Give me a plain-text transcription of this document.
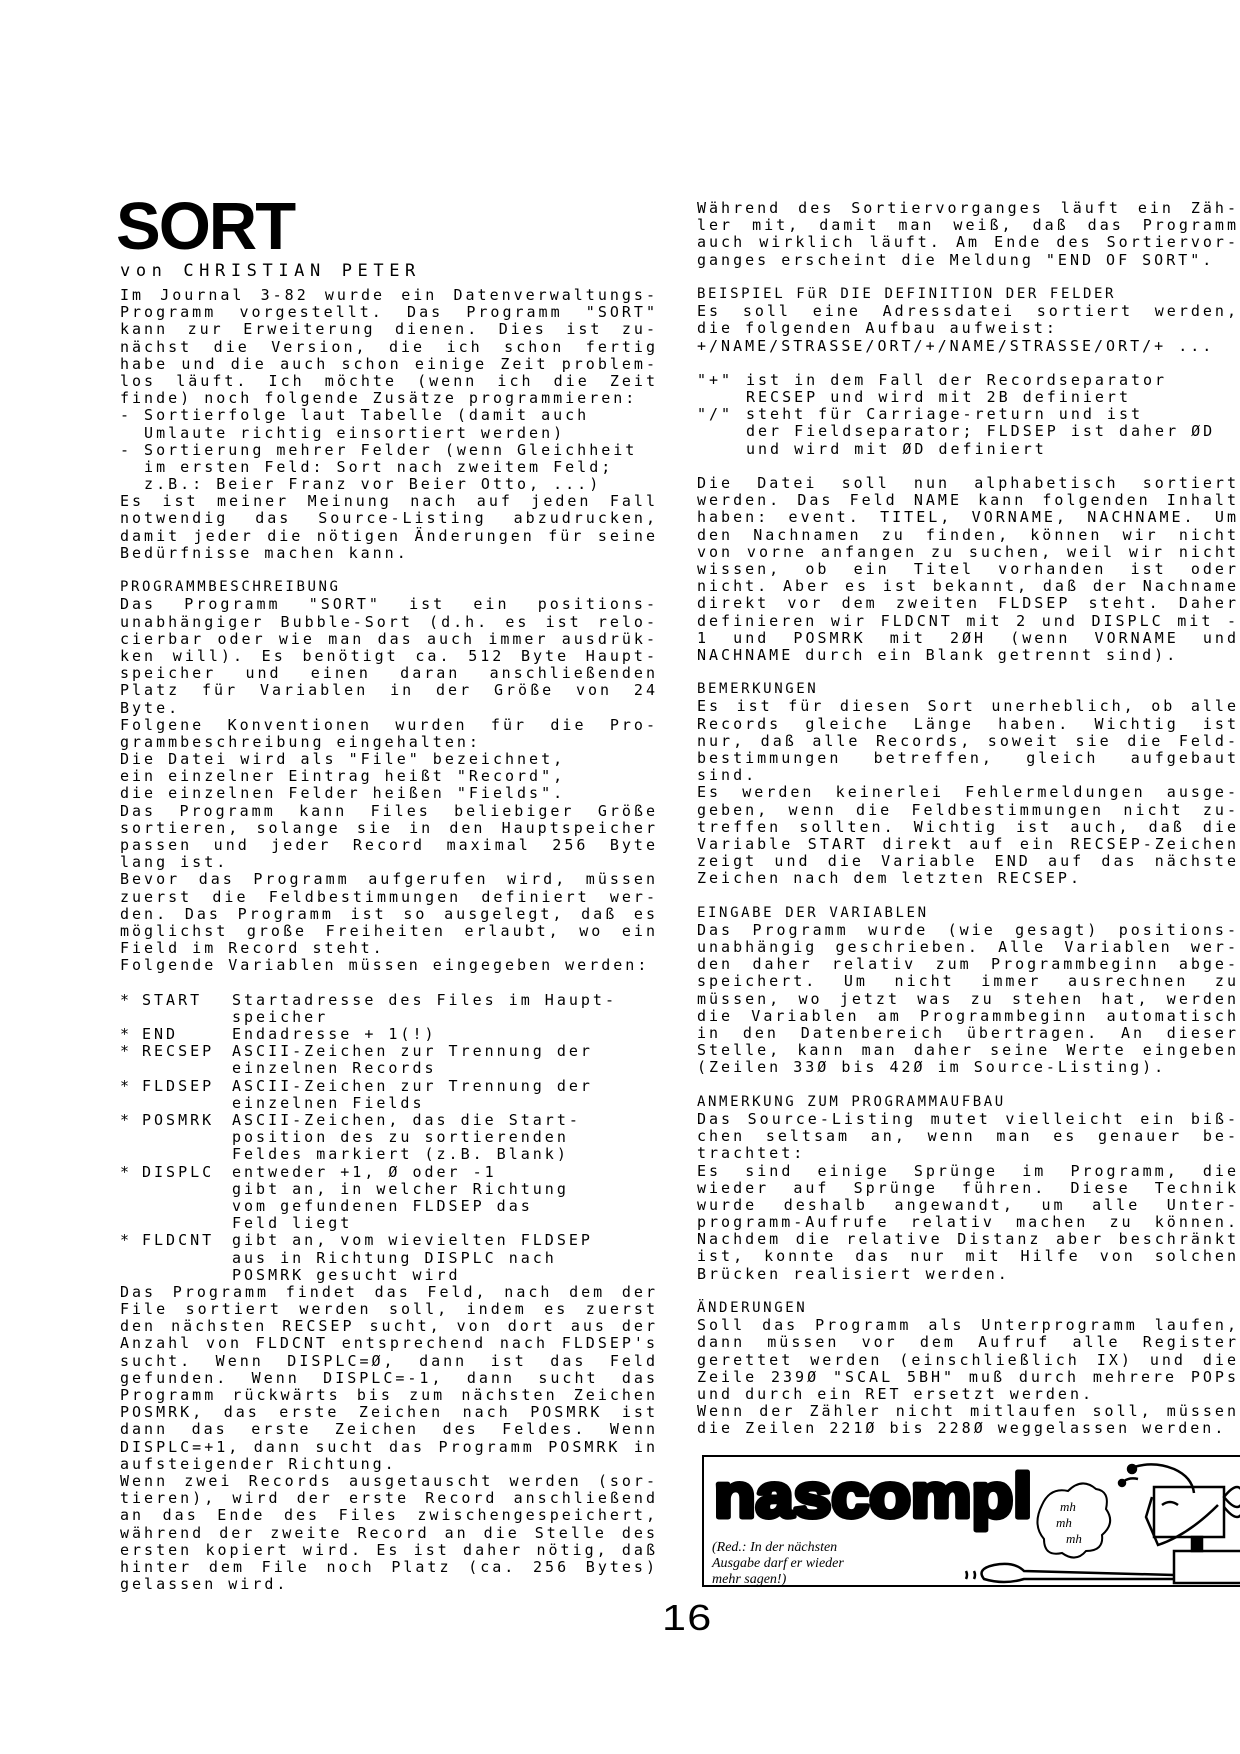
SORT
von CHRISTIAN PETER
Im Journal 3-82 wurde ein Datenverwaltungs-
Programm vorgestellt. Das Programm "SORT"
kann zur Erweiterung dienen. Dies ist zu-
nächst die Version, die ich schon fertig
habe und die auch schon einige Zeit problem-
los läuft. Ich möchte (wenn ich die Zeit
finde) noch folgende Zusätze programmieren:
- Sortierfolge laut Tabelle (damit auch
Umlaute richtig einsortiert werden)
- Sortierung mehrer Felder (wenn Gleichheit
im ersten Feld: Sort nach zweitem Feld;
z.B.: Beier Franz vor Beier Otto, ...)
Es ist meiner Meinung nach auf jeden Fall
notwendig das Source-Listing abzudrucken,
damit jeder die nötigen Änderungen für seine
Bedürfnisse machen kann.
PROGRAMMBESCHREIBUNG
Das Programm "SORT" ist ein positions-
unabhängiger Bubble-Sort (d.h. es ist relo-
cierbar oder wie man das auch immer ausdrük-
ken will). Es benötigt ca. 512 Byte Haupt-
speicher und einen daran anschließenden
Platz für Variablen in der Größe von 24
Byte.
Folgene Konventionen wurden für die Pro-
grammbeschreibung eingehalten:
Die Datei wird als "File" bezeichnet,
ein einzelner Eintrag heißt "Record",
die einzelnen Felder heißen "Fields".
Das Programm kann Files beliebiger Größe
sortieren, solange sie in den Hauptspeicher
passen und jeder Record maximal 256 Byte
lang ist.
Bevor das Programm aufgerufen wird, müssen
zuerst die Feldbestimmungen definiert wer-
den. Das Programm ist so ausgelegt, daß es
möglichst große Freiheiten erlaubt, wo ein
Field im Record steht.
Folgende Variablen müssen eingegeben werden:
* START	Startadresse des Files im Haupt-
speicher
* END	Endadresse + 1(!)
* RECSEP	ASCII-Zeichen zur Trennung der
einzelnen Records
* FLDSEP	ASCII-Zeichen zur Trennung der
einzelnen Fields
* POSMRK	ASCII-Zeichen, das die Start-
position des zu sortierenden
Feldes markiert (z.B. Blank)
* DISPLC	entweder +1, Ø oder -1
gibt an, in welcher Richtung
vom gefundenen FLDSEP das
Feld liegt
* FLDCNT	gibt an, vom wievielten FLDSEP
aus in Richtung DISPLC nach
POSMRK gesucht wird
Das Programm findet das Feld, nach dem der
File sortiert werden soll, indem es zuerst
den nächsten RECSEP sucht, von dort aus der
Anzahl von FLDCNT entsprechend nach FLDSEP's
sucht. Wenn DISPLC=Ø, dann ist das Feld
gefunden. Wenn DISPLC=-1, dann sucht das
Programm rückwärts bis zum nächsten Zeichen
POSMRK, das erste Zeichen nach POSMRK ist
dann das erste Zeichen des Feldes. Wenn
DISPLC=+1, dann sucht das Programm POSMRK in
aufsteigender Richtung.
Wenn zwei Records ausgetauscht werden (sor-
tieren), wird der erste Record anschließend
an das Ende des Files zwischengespeichert,
während der zweite Record an die Stelle des
ersten kopiert wird. Es ist daher nötig, daß
hinter dem File noch Platz (ca. 256 Bytes)
gelassen wird.
Während des Sortiervorganges läuft ein Zäh-
ler mit, damit man weiß, daß das Programm
auch wirklich läuft. Am Ende des Sortiervor-
ganges erscheint die Meldung "END OF SORT".
BEISPIEL FüR DIE DEFINITION DER FELDER
Es soll eine Adressdatei sortiert werden,
die folgenden Aufbau aufweist:
+/NAME/STRASSE/ORT/+/NAME/STRASSE/ORT/+ ...
"+" ist in dem Fall der Recordseparator
RECSEP und wird mit 2B definiert
"/" steht für Carriage-return und ist
der Fieldseparator; FLDSEP ist daher ØD
und wird mit ØD definiert
Die Datei soll nun alphabetisch sortiert
werden. Das Feld NAME kann folgenden Inhalt
haben: event. TITEL, VORNAME, NACHNAME. Um
den Nachnamen zu finden, können wir nicht
von vorne anfangen zu suchen, weil wir nicht
wissen, ob ein Titel vorhanden ist oder
nicht. Aber es ist bekannt, daß der Nachname
direkt vor dem zweiten FLDSEP steht. Daher
definieren wir FLDCNT mit 2 und DISPLC mit -
1 und POSMRK mit 2ØH (wenn VORNAME und
NACHNAME durch ein Blank getrennt sind).
BEMERKUNGEN
Es ist für diesen Sort unerheblich, ob alle
Records gleiche Länge haben. Wichtig ist
nur, daß alle Records, soweit sie die Feld-
bestimmungen betreffen, gleich aufgebaut
sind.
Es werden keinerlei Fehlermeldungen ausge-
geben, wenn die Feldbestimmungen nicht zu-
treffen sollten. Wichtig ist auch, daß die
Variable START direkt auf ein RECSEP-Zeichen
zeigt und die Variable END auf das nächste
Zeichen nach dem letzten RECSEP.
EINGABE DER VARIABLEN
Das Programm wurde (wie gesagt) positions-
unabhängig geschrieben. Alle Variablen wer-
den daher relativ zum Programmbeginn abge-
speichert. Um nicht immer ausrechnen zu
müssen, wo jetzt was zu stehen hat, werden
die Variablen am Programmbeginn automatisch
in den Datenbereich übertragen. An dieser
Stelle, kann man daher seine Werte eingeben
(Zeilen 33Ø bis 42Ø im Source-Listing).
ANMERKUNG ZUM PROGRAMMAUFBAU
Das Source-Listing mutet vielleicht ein biß-
chen seltsam an, wenn man es genauer be-
trachtet:
Es sind einige Sprünge im Programm, die
wieder auf Sprünge führen. Diese Technik
wurde deshalb angewandt, um alle Unter-
programm-Aufrufe relativ machen zu können.
Nachdem die relative Distanz aber beschränkt
ist, konnte das nur mit Hilfe von solchen
Brücken realisiert werden.
ÄNDERUNGEN
Soll das Programm als Unterprogramm laufen,
dann müssen vor dem Aufruf alle Register
gerettet werden (einschließlich IX) und die
Zeile 239Ø "SCAL 5BH" muß durch mehrere POPs
und durch ein RET ersetzt werden.
Wenn der Zähler nicht mitlaufen soll, müssen
die Zeilen 221Ø bis 228Ø weggelassen werden.
nascompl
(Red.: In der nächsten
Ausgabe darf er wieder
mehr sagen!)
mh
mh
mh
16
